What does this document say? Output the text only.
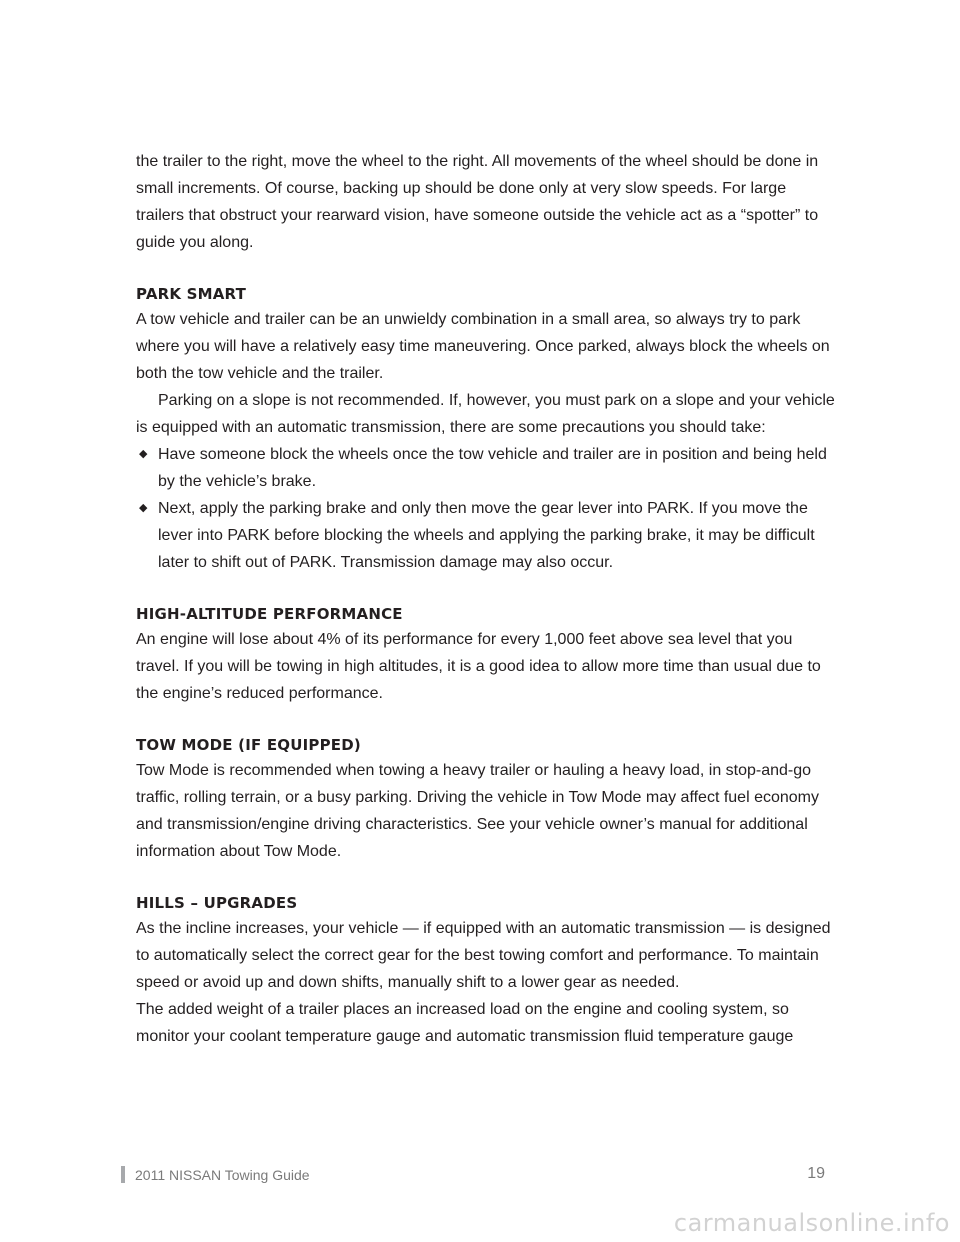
the trailer to the right, move the wheel to the right. All movements of the wheel should be done in small increments. Of course, backing up should be done only at very slow speeds. For large trailers that obstruct your rearward vision, have someone outside the vehicle act as a “spotter” to guide you along.

PARK SMART

A tow vehicle and trailer can be an unwieldy combination in a small area, so always try to park where you will have a relatively easy time maneuvering. Once parked, always block the wheels on both the tow vehicle and the trailer.

Parking on a slope is not recommended. If, however, you must park on a slope and your vehicle is equipped with an automatic transmission, there are some precautions you should take:

◆ Have someone block the wheels once the tow vehicle and trailer are in position and being held by the vehicle’s brake.
◆ Next, apply the parking brake and only then move the gear lever into PARK. If you move the lever into PARK before blocking the wheels and applying the parking brake, it may be difficult later to shift out of PARK. Transmission damage may also occur.
HIGH-ALTITUDE PERFORMANCE

An engine will lose about 4% of its performance for every 1,000 feet above sea level that you travel. If you will be towing in high altitudes, it is a good idea to allow more time than usual due to the engine’s reduced performance.

TOW MODE (IF EQUIPPED)

Tow Mode is recommended when towing a heavy trailer or hauling a heavy load, in stop-and-go traffic, rolling terrain, or a busy parking. Driving the vehicle in Tow Mode may affect fuel economy and transmission/engine driving characteristics. See your vehicle owner’s manual for additional information about Tow Mode.

HILLS – UPGRADES

As the incline increases, your vehicle — if equipped with an automatic transmission — is designed to automatically select the correct gear for the best towing comfort and performance. To maintain speed or avoid up and down shifts, manually shift to a lower gear as needed.

The added weight of a trailer places an increased load on the engine and cooling system, so monitor your coolant temperature gauge and automatic transmission fluid temperature gauge

2011 NISSAN Towing Guide	19
carmanualsonline.info
